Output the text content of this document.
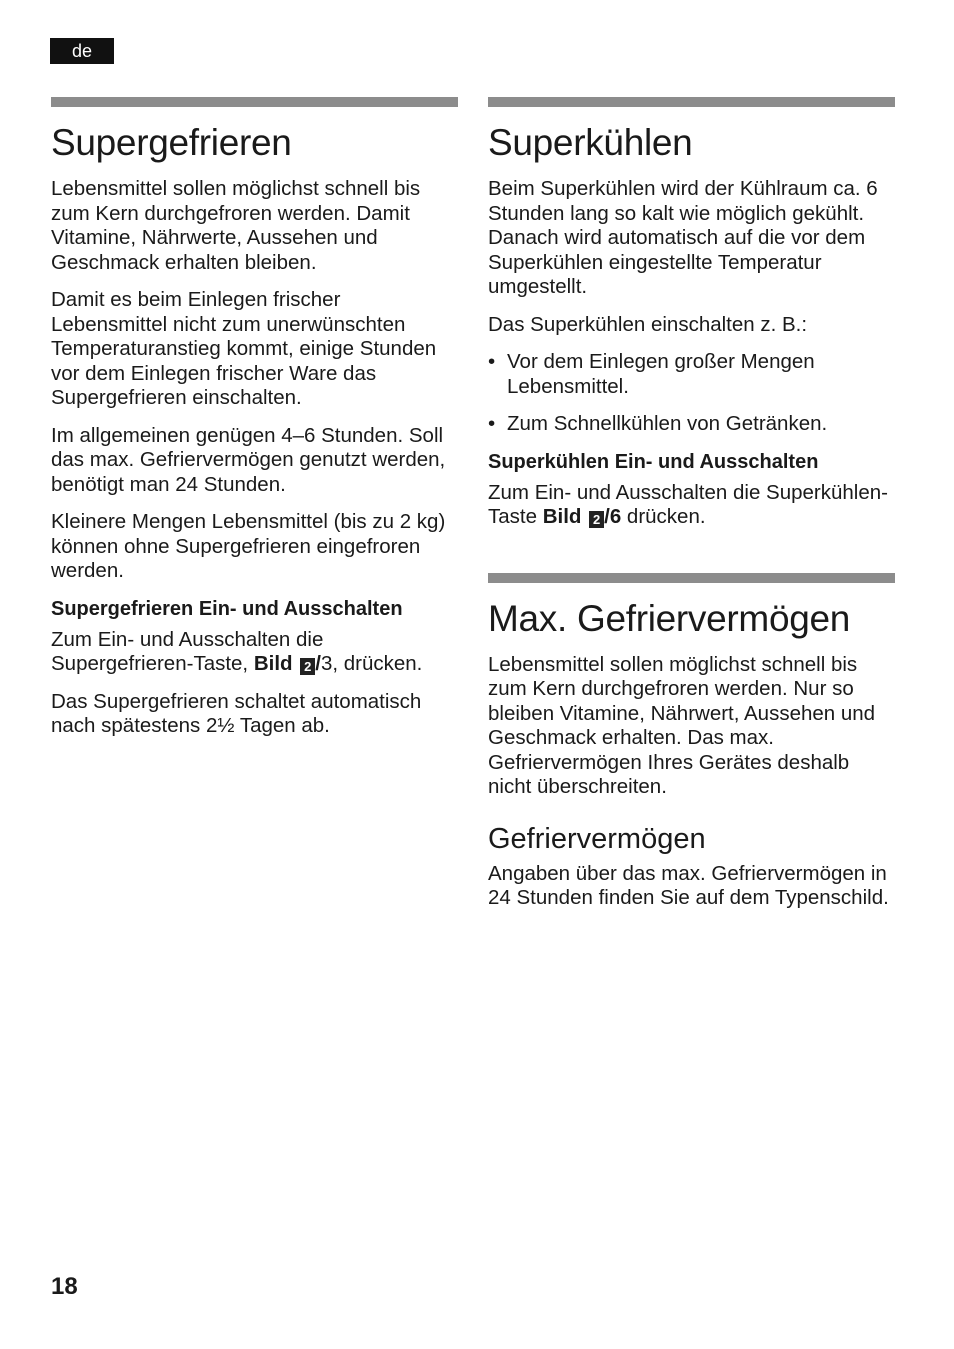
de
Supergefrieren

Lebensmittel sollen möglichst schnell bis zum Kern durchgefroren werden. Damit Vitamine, Nährwerte, Aussehen und Geschmack erhalten bleiben.

Damit es beim Einlegen frischer Lebensmittel nicht zum unerwünschten Temperaturanstieg kommt, einige Stunden vor dem Einlegen frischer Ware das Supergefrieren einschalten.

Im allgemeinen genügen 4–6 Stunden. Soll das max. Gefriervermögen genutzt werden, benötigt man 24 Stunden.

Kleinere Mengen Lebensmittel (bis zu 2 kg) können ohne Supergefrieren eingefroren werden.

Supergefrieren Ein- und Ausschalten

Zum Ein- und Ausschalten die Supergefrieren-Taste, Bild 2 /3, drücken.

Das Supergefrieren schaltet automatisch nach spätestens 2½ Tagen ab.

Superkühlen

Beim Superkühlen wird der Kühlraum ca. 6 Stunden lang so kalt wie möglich gekühlt. Danach wird automatisch auf die vor dem Superkühlen eingestellte Temperatur umgestellt.

Das Superkühlen einschalten z. B.:

• Vor dem Einlegen großer Mengen Lebensmittel.
• Zum Schnellkühlen von Getränken.
Superkühlen Ein- und Ausschalten

Zum Ein- und Ausschalten die Superkühlen-Taste Bild 2 /6 drücken.

Max. Gefriervermögen

Lebensmittel sollen möglichst schnell bis zum Kern durchgefroren werden. Nur so bleiben Vitamine, Nährwert, Aussehen und Geschmack erhalten. Das max. Gefriervermögen Ihres Gerätes deshalb nicht überschreiten.

Gefriervermögen

Angaben über das max. Gefriervermögen in 24 Stunden finden Sie auf dem Typenschild.

18
